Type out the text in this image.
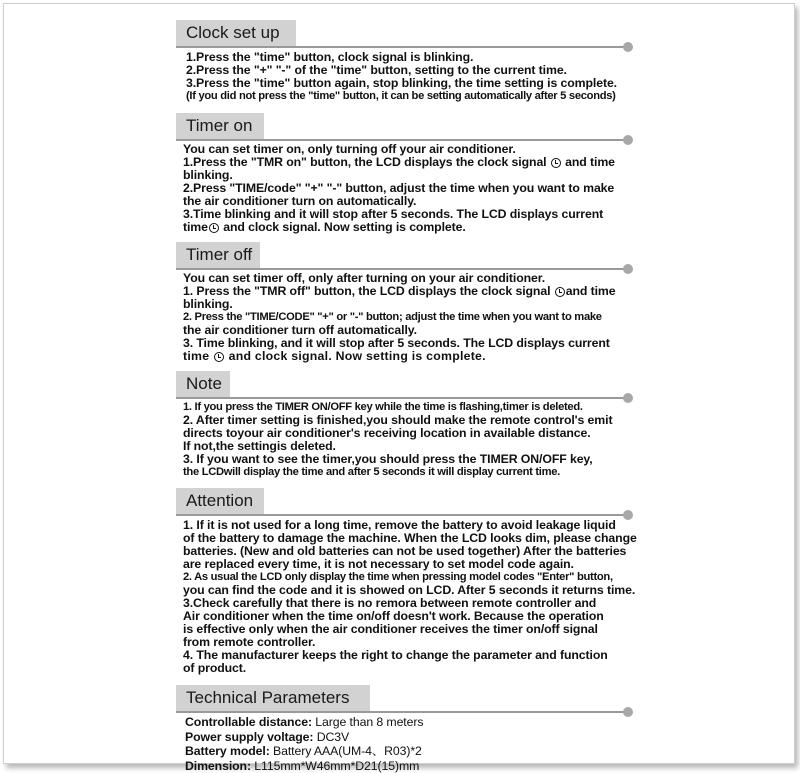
Clock set up
1.Press the "time" button, clock signal is blinking.
2.Press the "+" "-" of the "time" button, setting to the current time.
3.Press the "time" button again, stop blinking, the time setting is complete.
(If you did not press the "time" button, it can be setting automatically after 5 seconds)
Timer on
You can set timer on, only turning off your air conditioner.
1.Press the "TMR on" button, the LCD displays the clock signal and time
blinking.
2.Press "TIME/code" "+" "-" button, adjust the time when you want to make
the air conditioner turn on automatically.
3.Time blinking and it will stop after 5 seconds. The LCD displays current
time and clock signal. Now setting is complete.
Timer off
You can set timer off, only after turning on your air conditioner.
1. Press the "TMR off" button, the LCD displays the clock signal and time
blinking.
2. Press the "TIME/CODE" "+" or "-" button; adjust the time when you want to make
the air conditioner turn off automatically.
3. Time blinking, and it will stop after 5 seconds. The LCD displays current
time and clock signal. Now setting is complete.
Note
1. If you press the TIMER ON/OFF key while the time is flashing,timer is deleted.
2. After timer setting is finished,you should make the remote control's emit
directs toyour air conditioner's receiving location in available distance.
If not,the settingis deleted.
3. If you want to see the timer,you should press the TIMER ON/OFF key,
the LCDwill display the time and after 5 seconds it will display current time.
Attention
1. If it is not used for a long time, remove the battery to avoid leakage liquid
of the battery to damage the machine. When the LCD looks dim, please change
batteries. (New and old batteries can not be used together) After the batteries
are replaced every time, it is not necessary to set model code again.
2. As usual the LCD only display the time when pressing model codes "Enter" button,
you can find the code and it is showed on LCD. After 5 seconds it returns time.
3.Check carefully that there is no remora between remote controller and
Air conditioner when the time on/off doesn't work. Because the operation
is effective only when the air conditioner receives the timer on/off signal
from remote controller.
4. The manufacturer keeps the right to change the parameter and function
of product.
Technical Parameters
Controllable distance: Large than 8 meters
Power supply voltage: DC3V
Battery model: Battery AAA(UM-4、R03)*2
Dimension: L115mm*W46mm*D21(15)mm
